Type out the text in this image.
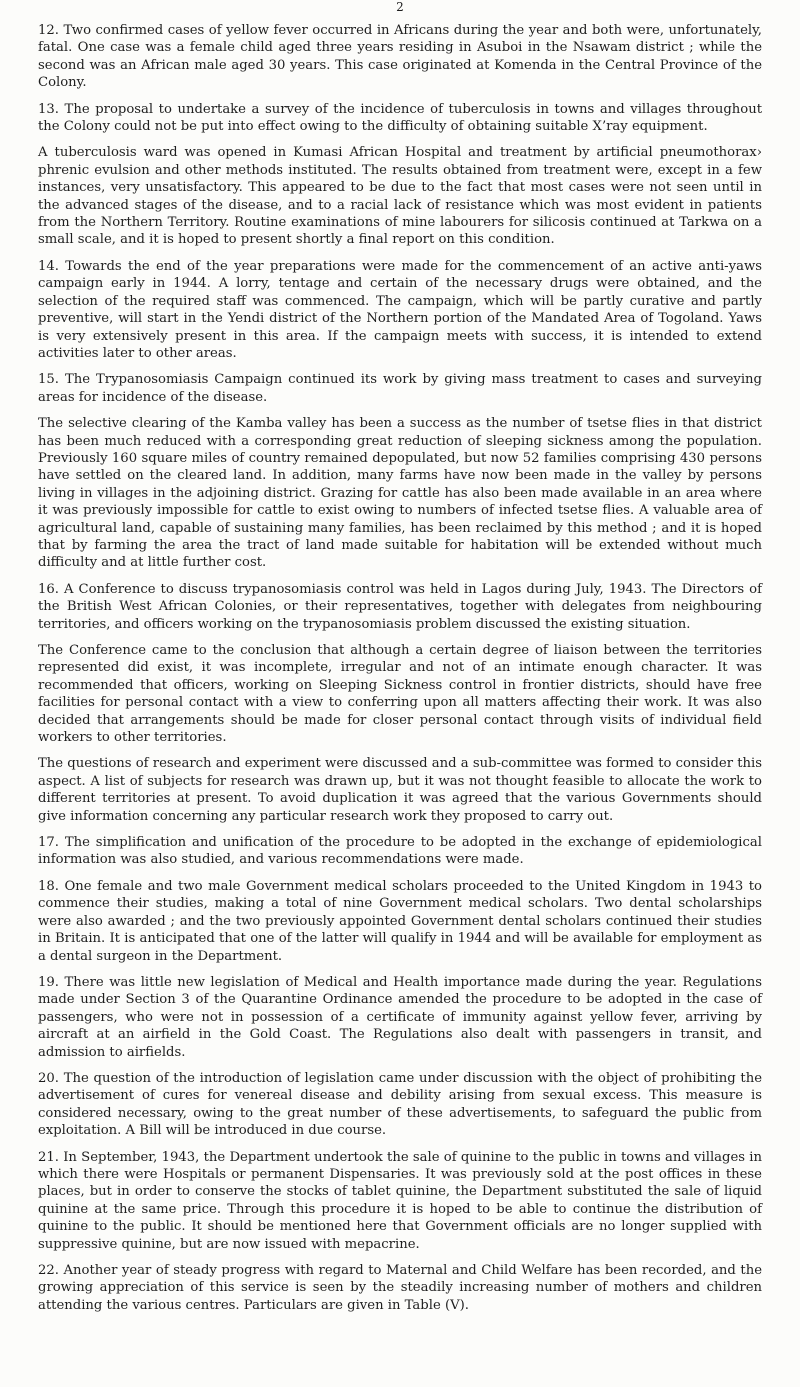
2

12. Two confirmed cases of yellow fever occurred in Africans during the year and both were, unfortunately, fatal. One case was a female child aged three years residing in Asuboi in the Nsawam district ; while the second was an African male aged 30 years. This case originated at Komenda in the Central Province of the Colony.

13. The proposal to undertake a survey of the incidence of tuberculosis in towns and villages throughout the Colony could not be put into effect owing to the difficulty of obtaining suitable X’ray equipment.

A tuberculosis ward was opened in Kumasi African Hospital and treatment by artificial pneumothorax› phrenic evulsion and other methods instituted. The results obtained from treatment were, except in a few instances, very unsatisfactory. This appeared to be due to the fact that most cases were not seen until in the advanced stages of the disease, and to a racial lack of resistance which was most evident in patients from the Northern Territory. Routine examinations of mine labourers for silicosis continued at Tarkwa on a small scale, and it is hoped to present shortly a final report on this condition.

14. Towards the end of the year preparations were made for the commencement of an active anti-yaws campaign early in 1944. A lorry, tentage and certain of the necessary drugs were obtained, and the selection of the required staff was commenced. The campaign, which will be partly curative and partly preventive, will start in the Yendi district of the Northern portion of the Mandated Area of Togoland. Yaws is very extensively present in this area. If the campaign meets with success, it is intended to extend activities later to other areas.

15. The Trypanosomiasis Campaign continued its work by giving mass treatment to cases and surveying areas for incidence of the disease.

The selective clearing of the Kamba valley has been a success as the number of tsetse flies in that district has been much reduced with a corresponding great reduction of sleeping sickness among the population. Previously 160 square miles of country remained depopulated, but now 52 families comprising 430 persons have settled on the cleared land. In addition, many farms have now been made in the valley by persons living in villages in the adjoining district. Grazing for cattle has also been made available in an area where it was previously impossible for cattle to exist owing to numbers of infected tsetse flies. A valuable area of agricultural land, capable of sustaining many families, has been reclaimed by this method ; and it is hoped that by farming the area the tract of land made suitable for habitation will be extended without much difficulty and at little further cost.

16. A Conference to discuss trypanosomiasis control was held in Lagos during July, 1943. The Directors of the British West African Colonies, or their representatives, together with delegates from neighbouring territories, and officers working on the trypanosomiasis problem discussed the existing situation.

The Conference came to the conclusion that although a certain degree of liaison between the territories represented did exist, it was incomplete, irregular and not of an intimate enough character. It was recommended that officers, working on Sleeping Sickness control in frontier districts, should have free facilities for personal contact with a view to conferring upon all matters affecting their work. It was also decided that arrangements should be made for closer personal contact through visits of individual field workers to other territories.

The questions of research and experiment were discussed and a sub-committee was formed to consider this aspect. A list of subjects for research was drawn up, but it was not thought feasible to allocate the work to different territories at present. To avoid duplication it was agreed that the various Governments should give information concerning any particular research work they proposed to carry out.

17. The simplification and unification of the procedure to be adopted in the exchange of epidemiological information was also studied, and various recommendations were made.

18. One female and two male Government medical scholars proceeded to the United Kingdom in 1943 to commence their studies, making a total of nine Government medical scholars. Two dental scholarships were also awarded ; and the two previously appointed Government dental scholars continued their studies in Britain. It is anticipated that one of the latter will qualify in 1944 and will be available for employment as a dental surgeon in the Department.

19. There was little new legislation of Medical and Health importance made during the year. Regulations made under Section 3 of the Quarantine Ordinance amended the procedure to be adopted in the case of passengers, who were not in possession of a certificate of immunity against yellow fever, arriving by aircraft at an airfield in the Gold Coast. The Regulations also dealt with passengers in transit, and admission to airfields.

20. The question of the introduction of legislation came under discussion with the object of prohibiting the advertisement of cures for venereal disease and debility arising from sexual excess. This measure is considered necessary, owing to the great number of these advertisements, to safeguard the public from exploitation. A Bill will be introduced in due course.

21. In September, 1943, the Department undertook the sale of quinine to the public in towns and villages in which there were Hospitals or permanent Dispensaries. It was previously sold at the post offices in these places, but in order to conserve the stocks of tablet quinine, the Department substituted the sale of liquid quinine at the same price. Through this procedure it is hoped to be able to continue the distribution of quinine to the public. It should be mentioned here that Government officials are no longer supplied with suppressive quinine, but are now issued with mepacrine.

22. Another year of steady progress with regard to Maternal and Child Welfare has been recorded, and the growing appreciation of this service is seen by the steadily increasing number of mothers and children attending the various centres. Particulars are given in Table (V).
